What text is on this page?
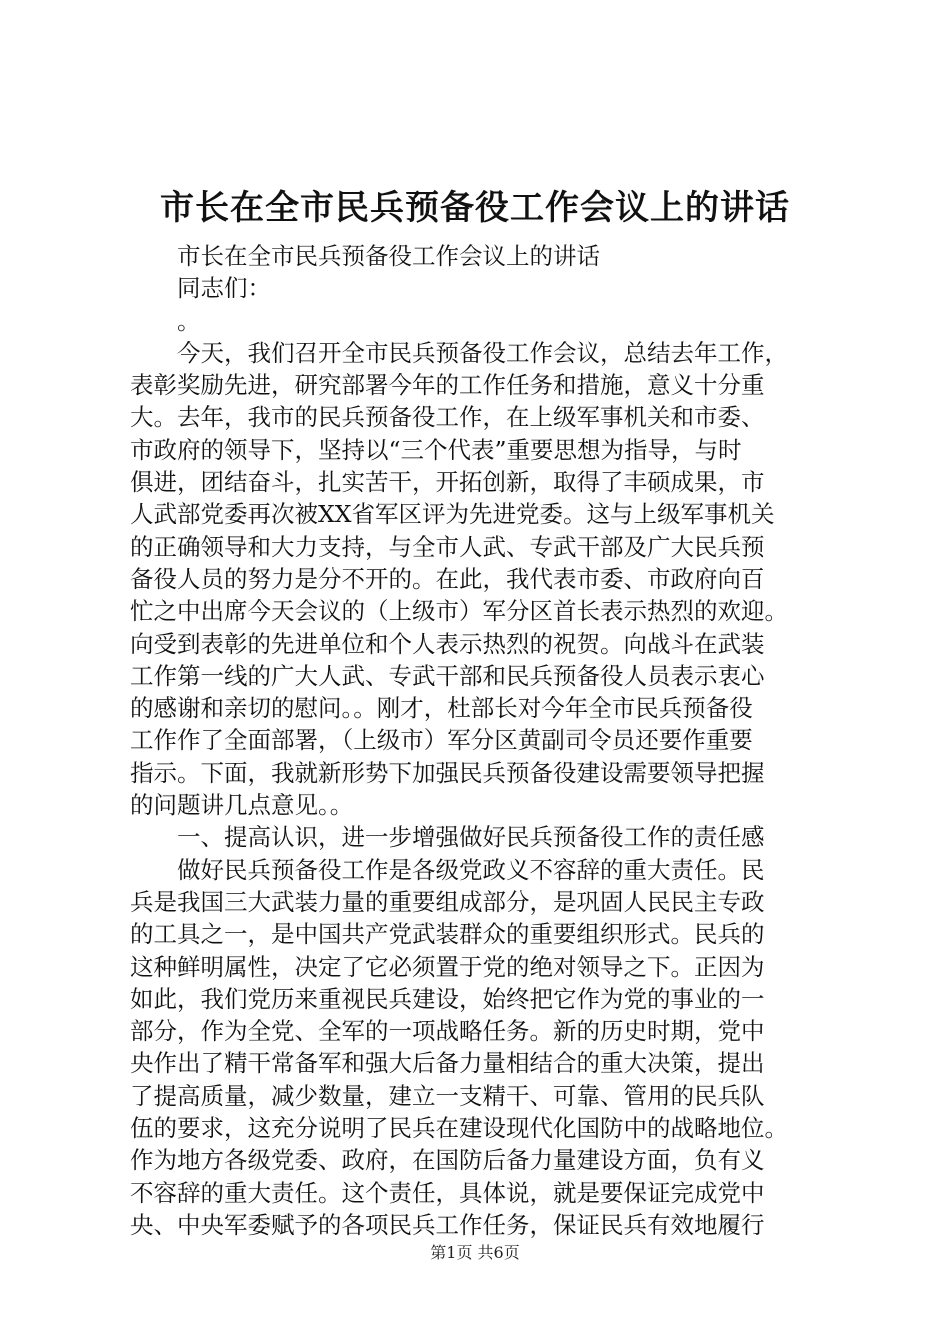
市长在全市民兵预备役工作会议上的讲话
市长在全市民兵预备役工作会议上的讲话
同志们：
。
今天，我们召开全市民兵预备役工作会议，总结去年工作，
表彰奖励先进，研究部署今年的工作任务和措施，意义十分重
大。去年，我市的民兵预备役工作，在上级军事机关和市委、
市政府的领导下，坚持以“三个代表”重要思想为指导，与时
俱进，团结奋斗，扎实苦干，开拓创新，取得了丰硕成果，市
人武部党委再次被XX省军区评为先进党委。这与上级军事机关
的正确领导和大力支持，与全市人武、专武干部及广大民兵预
备役人员的努力是分不开的。在此，我代表市委、市政府向百
忙之中出席今天会议的（上级市）军分区首长表示热烈的欢迎。
向受到表彰的先进单位和个人表示热烈的祝贺。向战斗在武装
工作第一线的广大人武、专武干部和民兵预备役人员表示衷心
的感谢和亲切的慰问。。刚才，杜部长对今年全市民兵预备役
工作作了全面部署，（上级市）军分区黄副司令员还要作重要
指示。下面，我就新形势下加强民兵预备役建设需要领导把握
的问题讲几点意见。。
一、提高认识，进一步增强做好民兵预备役工作的责任感
做好民兵预备役工作是各级党政义不容辞的重大责任。民
兵是我国三大武装力量的重要组成部分，是巩固人民民主专政
的工具之一，是中国共产党武装群众的重要组织形式。民兵的
这种鲜明属性，决定了它必须置于党的绝对领导之下。正因为
如此，我们党历来重视民兵建设，始终把它作为党的事业的一
部分，作为全党、全军的一项战略任务。新的历史时期，党中
央作出了精干常备军和强大后备力量相结合的重大决策，提出
了提高质量，减少数量，建立一支精干、可靠、管用的民兵队
伍的要求，这充分说明了民兵在建设现代化国防中的战略地位。
作为地方各级党委、政府，在国防后备力量建设方面，负有义
不容辞的重大责任。这个责任，具体说，就是要保证完成党中
央、中央军委赋予的各项民兵工作任务，保证民兵有效地履行
第1页 共6页
